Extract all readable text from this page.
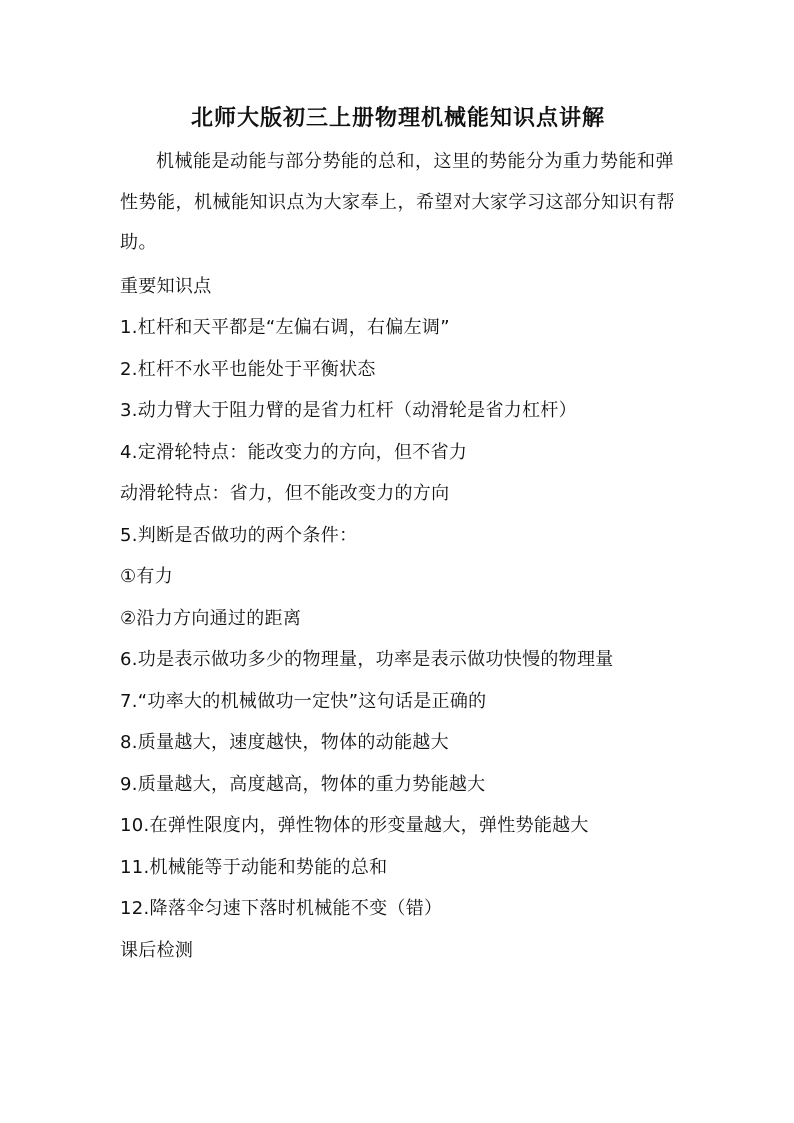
北师大版初三上册物理机械能知识点讲解

机械能是动能与部分势能的总和，这里的势能分为重力势能和弹性势能，机械能知识点为大家奉上，希望对大家学习这部分知识有帮助。

重要知识点
1.杠杆和天平都是“左偏右调，右偏左调”
2.杠杆不水平也能处于平衡状态
3.动力臂大于阻力臂的是省力杠杆（动滑轮是省力杠杆）
4.定滑轮特点：能改变力的方向，但不省力
动滑轮特点：省力，但不能改变力的方向
5.判断是否做功的两个条件：
①有力
②沿力方向通过的距离
6.功是表示做功多少的物理量，功率是表示做功快慢的物理量
7.“功率大的机械做功一定快”这句话是正确的
8.质量越大，速度越快，物体的动能越大
9.质量越大，高度越高，物体的重力势能越大
10.在弹性限度内，弹性物体的形变量越大，弹性势能越大
11.机械能等于动能和势能的总和
12.降落伞匀速下落时机械能不变（错）
课后检测
